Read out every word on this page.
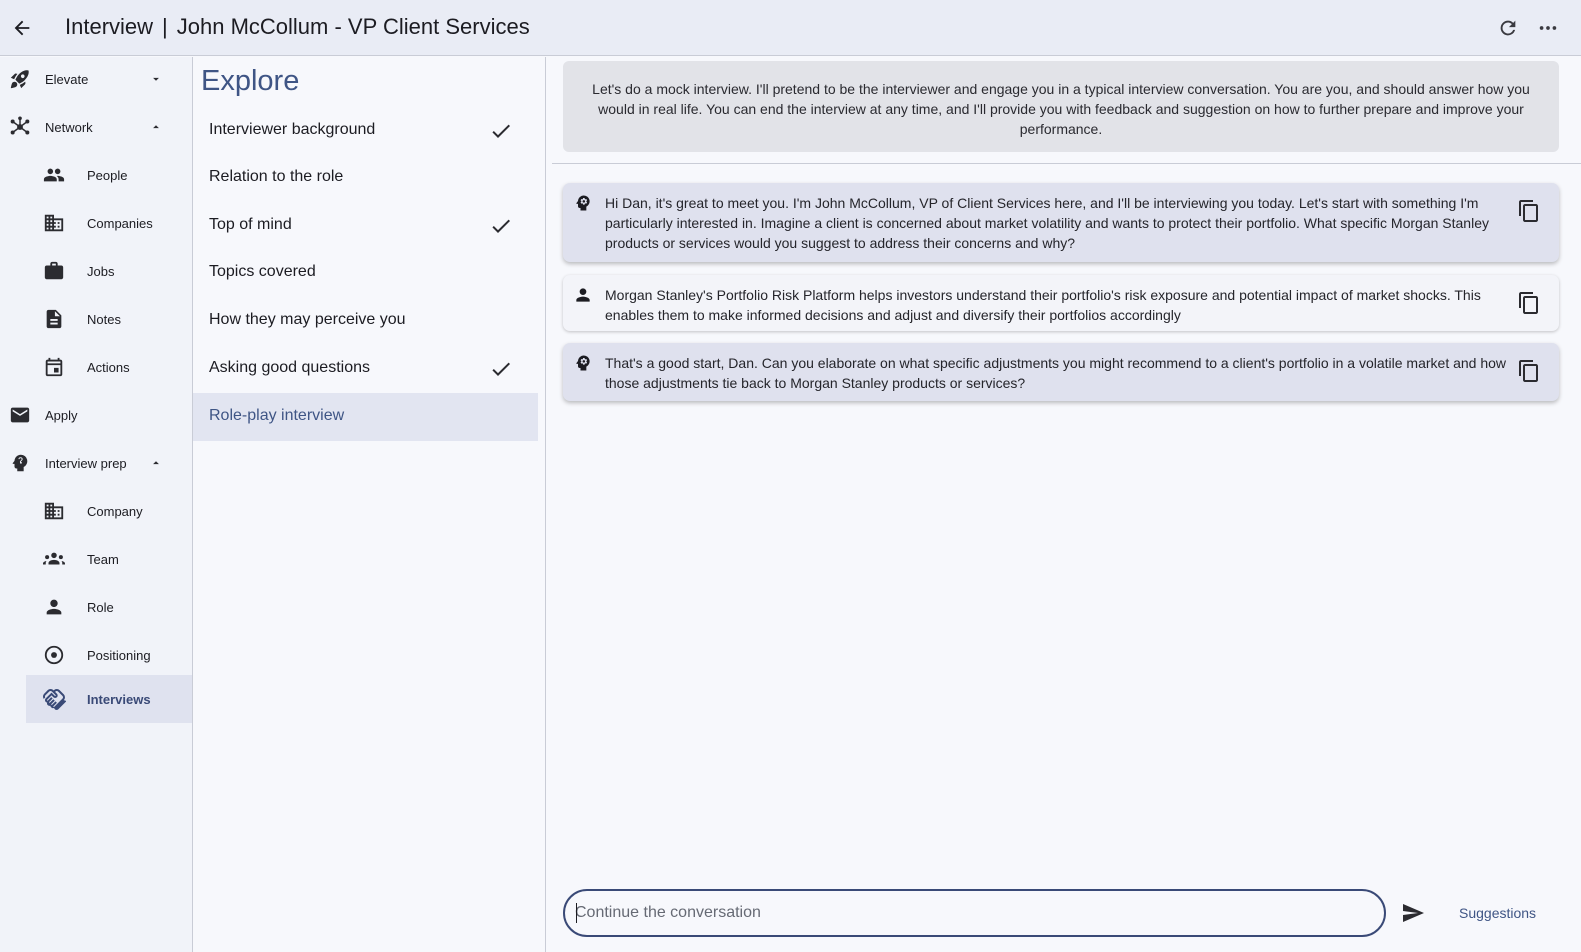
Interview | John McCollum - VP Client Services
Elevate
Network
People
Companies
Jobs
Notes
Actions
Apply
Interview prep
Company
Team
Role
Positioning
Interviews
Explore
Interviewer background
Relation to the role
Top of mind
Topics covered
How they may perceive you
Asking good questions
Role-play interview
Let's do a mock interview. I'll pretend to be the interviewer and engage you in a typical interview conversation. You are you, and should answer how you would in real life. You can end the interview at any time, and I'll provide you with feedback and suggestion on how to further prepare and improve your performance.
Hi Dan, it's great to meet you. I'm John McCollum, VP of Client Services here, and I'll be interviewing you today. Let's start with something I'm particularly interested in. Imagine a client is concerned about market volatility and wants to protect their portfolio. What specific Morgan Stanley products or services would you suggest to address their concerns and why?
Morgan Stanley's Portfolio Risk Platform helps investors understand their portfolio's risk exposure and potential impact of market shocks. This enables them to make informed decisions and adjust and diversify their portfolios accordingly
That's a good start, Dan. Can you elaborate on what specific adjustments you might recommend to a client's portfolio in a volatile market and how those adjustments tie back to Morgan Stanley products or services?
Continue the conversation
Suggestions
